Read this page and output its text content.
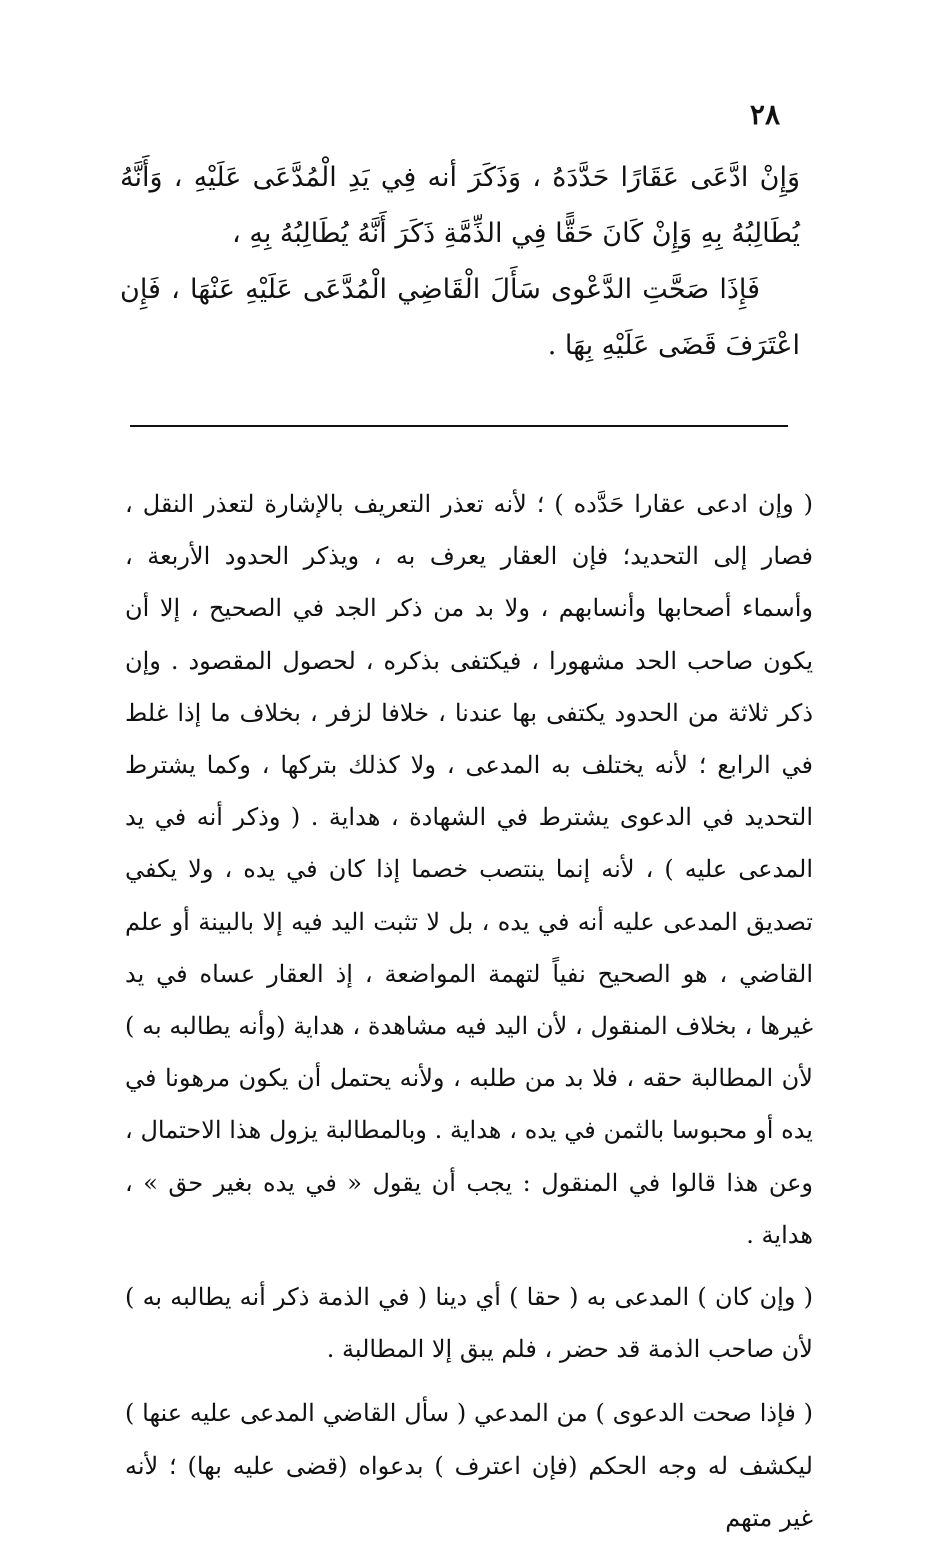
٢٨

وَإِنْ ادَّعَى عَقَارًا حَدَّدَهُ ، وَذَكَرَ أنه فِي يَدِ الْمُدَّعَى عَلَيْهِ ، وَأَنَّهُ يُطَالِبُهُ بِهِ وَإِنْ كَانَ حَقًّا فِي الذِّمَّةِ ذَكَرَ أَنَّهُ يُطَالِبُهُ بِهِ ،

فَإِذَا صَحَّتِ الدَّعْوى سَأَلَ الْقَاضِي الْمُدَّعَى عَلَيْهِ عَنْهَا ، فَإِن اعْتَرَفَ قَضَى عَلَيْهِ بِهَا .

( وإن ادعى عقارا حَدَّده ) ؛ لأنه تعذر التعريف بالإشارة لتعذر النقل ، فصار إلى التحديد؛ فإن العقار يعرف به ، ويذكر الحدود الأربعة ، وأسماء أصحابها وأنسابهم ، ولا بد من ذكر الجد في الصحيح ، إلا أن يكون صاحب الحد مشهورا ، فيكتفى بذكره ، لحصول المقصود . وإن ذكر ثلاثة من الحدود يكتفى بها عندنا ، خلافا لزفر ، بخلاف ما إذا غلط في الرابع ؛ لأنه يختلف به المدعى ، ولا كذلك بتركها ، وكما يشترط التحديد في الدعوى يشترط في الشهادة ، هداية . ( وذكر أنه في يد المدعى عليه ) ، لأنه إنما ينتصب خصما إذا كان في يده ، ولا يكفي تصديق المدعى عليه أنه في يده ، بل لا تثبت اليد فيه إلا بالبينة أو علم القاضي ، هو الصحيح نفياً لتهمة المواضعة ، إذ العقار عساه في يد غيرها ، بخلاف المنقول ، لأن اليد فيه مشاهدة ، هداية (وأنه يطالبه به ) لأن المطالبة حقه ، فلا بد من طلبه ، ولأنه يحتمل أن يكون مرهونا في يده أو محبوسا بالثمن في يده ، هداية . وبالمطالبة يزول هذا الاحتمال ، وعن هذا قالوا في المنقول : يجب أن يقول « في يده بغير حق » ، هداية .

( وإن كان ) المدعى به ( حقا ) أي دينا ( في الذمة ذكر أنه يطالبه به ) لأن صاحب الذمة قد حضر ، فلم يبق إلا المطالبة .

( فإذا صحت الدعوى ) من المدعي ( سأل القاضي المدعى عليه عنها ) ليكشف له وجه الحكم (فإن اعترف ) بدعواه (قضى عليه بها) ؛ لأنه غير متهم
